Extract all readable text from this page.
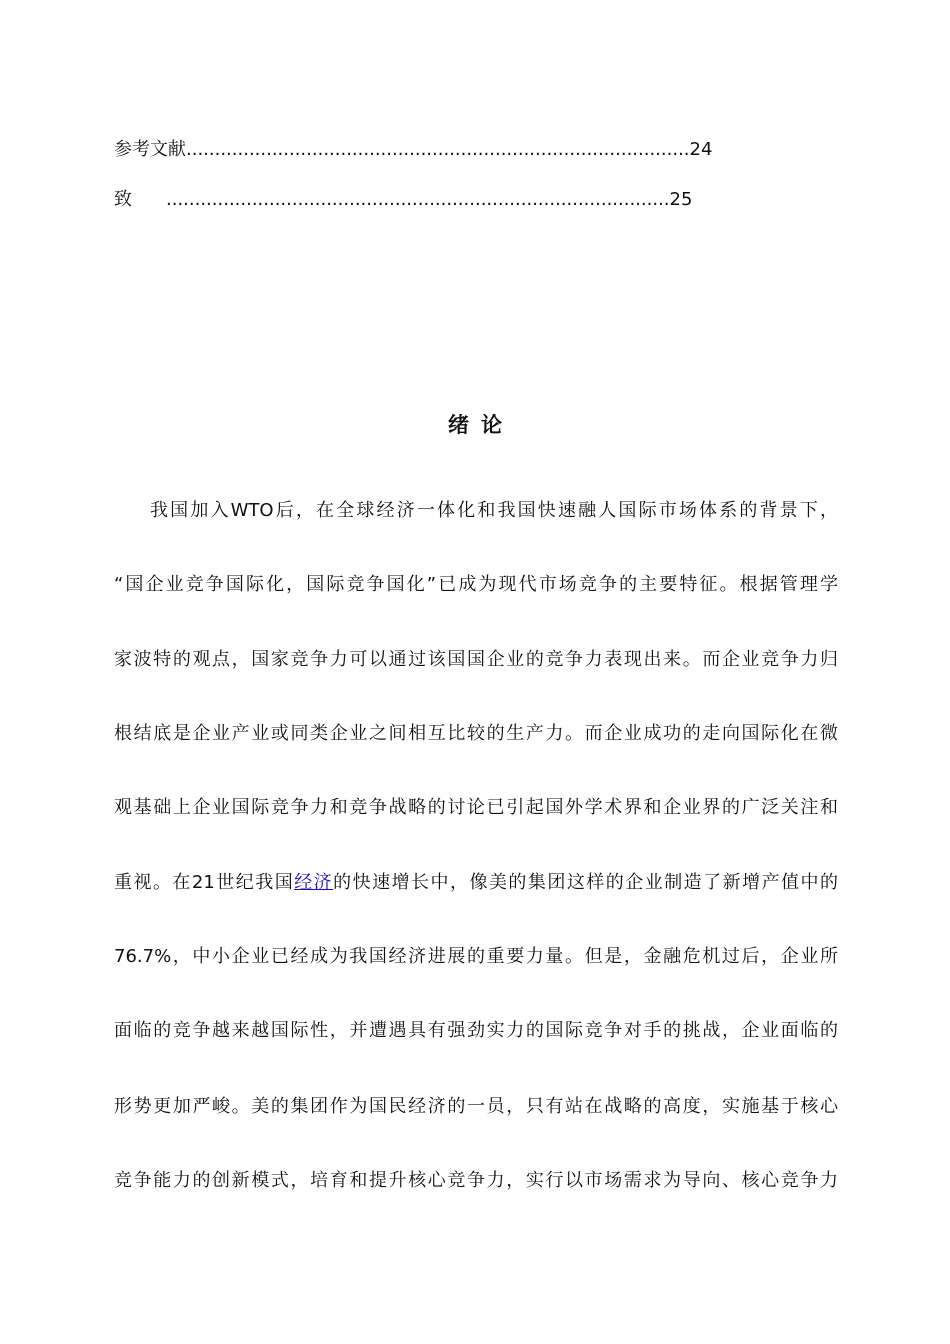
参考文献........................................................................................24
致 ........................................................................................25
绪论
我国加入WTO后，在全球经济一体化和我国快速融人国际市场体系的背景下，
“国企业竞争国际化，国际竞争国化”已成为现代市场竞争的主要特征。根据管理学
家波特的观点，国家竞争力可以通过该国国企业的竞争力表现出来。而企业竞争力归
根结底是企业产业或同类企业之间相互比较的生产力。而企业成功的走向国际化在微
观基础上企业国际竞争力和竞争战略的讨论已引起国外学术界和企业界的广泛关注和
重视。在21世纪我国经济的快速增长中，像美的集团这样的企业制造了新增产值中的
76.7%，中小企业已经成为我国经济进展的重要力量。但是，金融危机过后，企业所
面临的竞争越来越国际性，并遭遇具有强劲实力的国际竞争对手的挑战，企业面临的
形势更加严峻。美的集团作为国民经济的一员，只有站在战略的高度，实施基于核心
竞争能力的创新模式，培育和提升核心竞争力，实行以市场需求为导向、核心竞争力
